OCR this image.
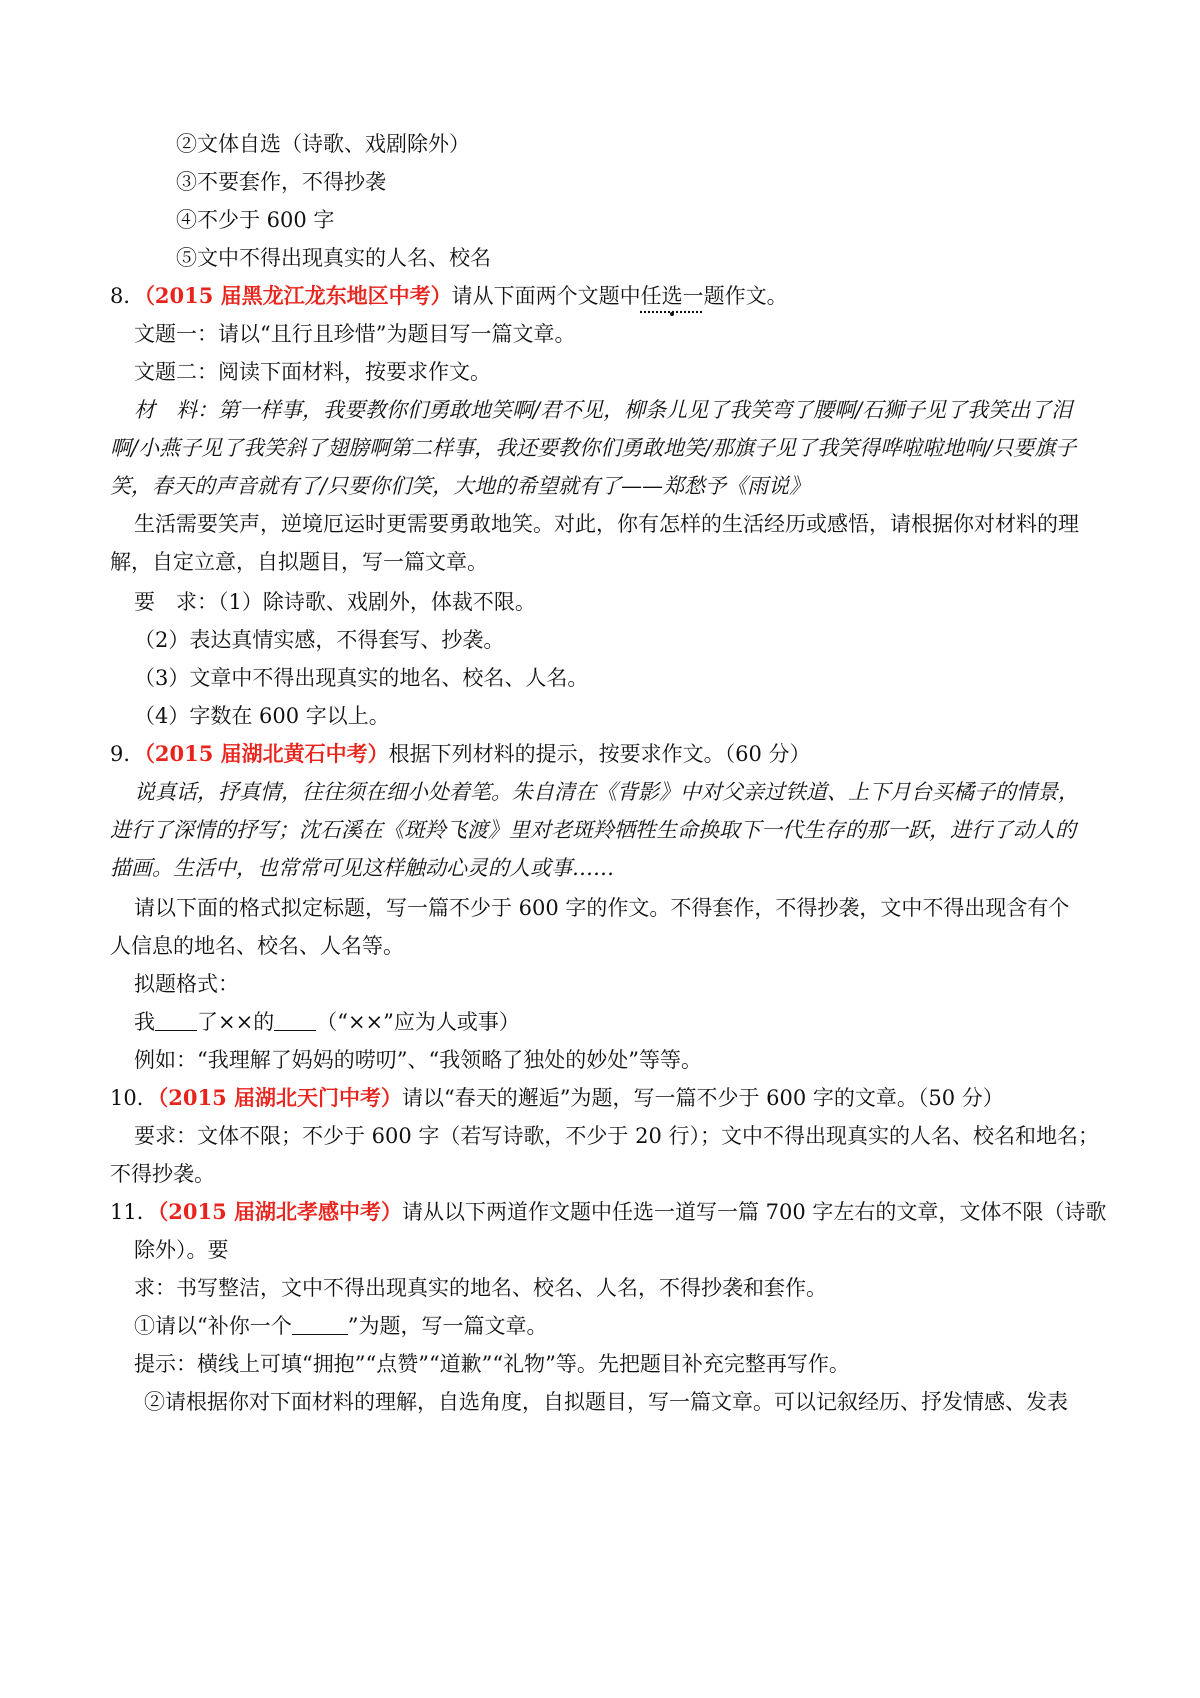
②文体自选（诗歌、戏剧除外）
③不要套作，不得抄袭
④不少于 600 字
⑤文中不得出现真实的人名、校名
8．（2015 届黑龙江龙东地区中考）请从下面两个文题中任选一题作文。
文题一：请以“且行且珍惜”为题目写一篇文章。
文题二：阅读下面材料，按要求作文。
材　料：第一样事，我要教你们勇敢地笑啊/君不见，柳条儿见了我笑弯了腰啊/石狮子见了我笑出了泪
啊/小燕子见了我笑斜了翅膀啊第二样事，我还要教你们勇敢地笑/那旗子见了我笑得哗啦啦地响/只要旗子
笑，春天的声音就有了/只要你们笑，大地的希望就有了——郑愁予《雨说》
生活需要笑声，逆境厄运时更需要勇敢地笑。对此，你有怎样的生活经历或感悟，请根据你对材料的理
解，自定立意，自拟题目，写一篇文章。
要　求：（1）除诗歌、戏剧外，体裁不限。
（2）表达真情实感，不得套写、抄袭。
（3）文章中不得出现真实的地名、校名、人名。
（4）字数在 600 字以上。
9．（2015 届湖北黄石中考）根据下列材料的提示，按要求作文。（60 分）
说真话，抒真情，往往须在细小处着笔。朱自清在《背影》中对父亲过铁道、上下月台买橘子的情景，
进行了深情的抒写；沈石溪在《斑羚飞渡》里对老斑羚牺牲生命换取下一代生存的那一跃，进行了动人的
描画。生活中，也常常可见这样触动心灵的人或事……
请以下面的格式拟定标题，写一篇不少于 600 字的作文。不得套作，不得抄袭，文中不得出现含有个
人信息的地名、校名、人名等。
拟题格式：
我 了××的 （“××”应为人或事）
例如：“我理解了妈妈的唠叨”、“我领略了独处的妙处”等等。
10．（2015 届湖北天门中考）请以“春天的邂逅”为题，写一篇不少于 600 字的文章。（50 分）
要求：文体不限；不少于 600 字（若写诗歌，不少于 20 行）；文中不得出现真实的人名、校名和地名；
不得抄袭。
11．（2015 届湖北孝感中考）请从以下两道作文题中任选一道写一篇 700 字左右的文章，文体不限（诗歌
除外）。要
求：书写整洁，文中不得出现真实的地名、校名、人名，不得抄袭和套作。
①请以“补你一个	”为题，写一篇文章。
提示：横线上可填“拥抱”“点赞”“道歉”“礼物”等。先把题目补充完整再写作。
②请根据你对下面材料的理解，自选角度，自拟题目，写一篇文章。可以记叙经历、抒发情感、发表
